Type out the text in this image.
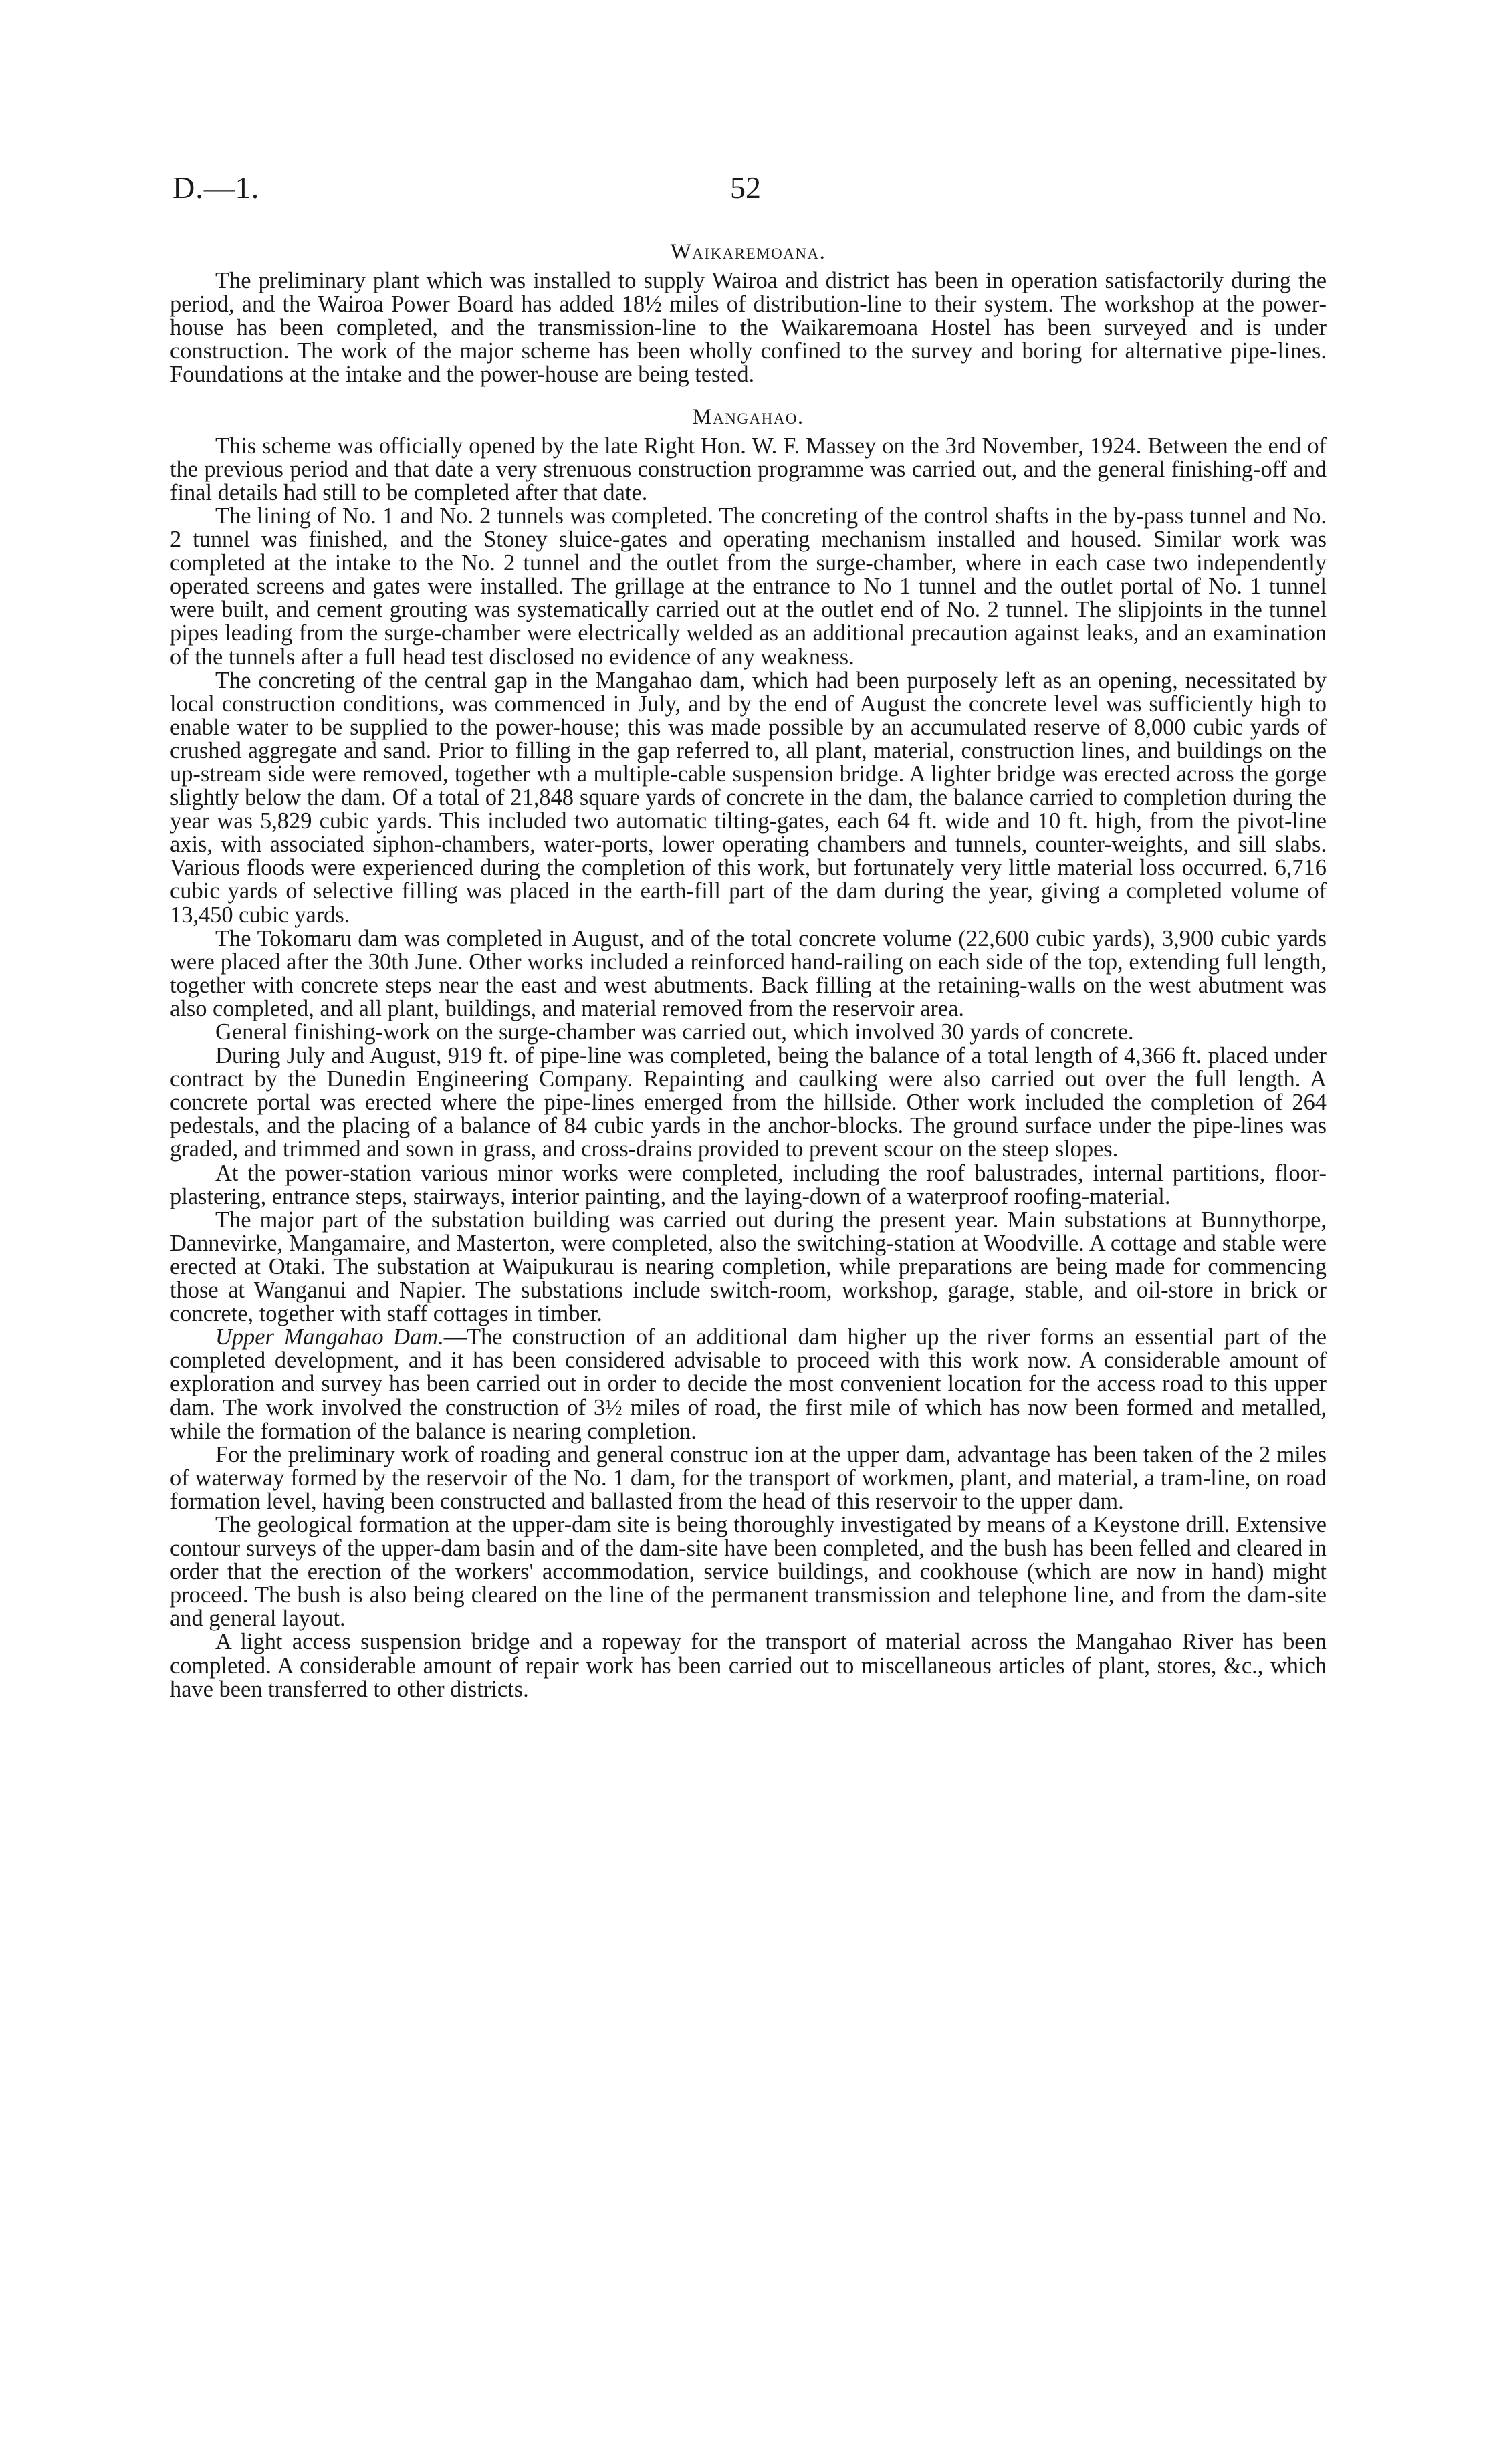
D.—1.	52
Waikaremoana.

The preliminary plant which was installed to supply Wairoa and district has been in operation satisfactorily during the period, and the Wairoa Power Board has added 18½ miles of distribution-line to their system. The workshop at the power-house has been completed, and the transmission-line to the Waikaremoana Hostel has been surveyed and is under construction. The work of the major scheme has been wholly confined to the survey and boring for alternative pipe-lines. Foundations at the intake and the power-house are being tested.

Mangahao.

This scheme was officially opened by the late Right Hon. W. F. Massey on the 3rd November, 1924. Between the end of the previous period and that date a very strenuous construction programme was carried out, and the general finishing-off and final details had still to be completed after that date.

The lining of No. 1 and No. 2 tunnels was completed. The concreting of the control shafts in the by-pass tunnel and No. 2 tunnel was finished, and the Stoney sluice-gates and operating mechanism installed and housed. Similar work was completed at the intake to the No. 2 tunnel and the outlet from the surge-chamber, where in each case two independently operated screens and gates were installed. The grillage at the entrance to No 1 tunnel and the outlet portal of No. 1 tunnel were built, and cement grouting was systematically carried out at the outlet end of No. 2 tunnel. The slipjoints in the tunnel pipes leading from the surge-chamber were electrically welded as an additional precaution against leaks, and an examination of the tunnels after a full head test disclosed no evidence of any weakness.

The concreting of the central gap in the Mangahao dam, which had been purposely left as an opening, necessitated by local construction conditions, was commenced in July, and by the end of August the concrete level was sufficiently high to enable water to be supplied to the power-house; this was made possible by an accumulated reserve of 8,000 cubic yards of crushed aggregate and sand. Prior to filling in the gap referred to, all plant, material, construction lines, and buildings on the up-stream side were removed, together wth a multiple-cable suspension bridge. A lighter bridge was erected across the gorge slightly below the dam. Of a total of 21,848 square yards of concrete in the dam, the balance carried to completion during the year was 5,829 cubic yards. This included two automatic tilting-gates, each 64 ft. wide and 10 ft. high, from the pivot-line axis, with associated siphon-chambers, water-ports, lower operating chambers and tunnels, counter-weights, and sill slabs. Various floods were experienced during the completion of this work, but fortunately very little material loss occurred. 6,716 cubic yards of selective filling was placed in the earth-fill part of the dam during the year, giving a completed volume of 13,450 cubic yards.

The Tokomaru dam was completed in August, and of the total concrete volume (22,600 cubic yards), 3,900 cubic yards were placed after the 30th June. Other works included a reinforced hand-railing on each side of the top, extending full length, together with concrete steps near the east and west abutments. Back filling at the retaining-walls on the west abutment was also completed, and all plant, buildings, and material removed from the reservoir area.

General finishing-work on the surge-chamber was carried out, which involved 30 yards of concrete.

During July and August, 919 ft. of pipe-line was completed, being the balance of a total length of 4,366 ft. placed under contract by the Dunedin Engineering Company. Repainting and caulking were also carried out over the full length. A concrete portal was erected where the pipe-lines emerged from the hillside. Other work included the completion of 264 pedestals, and the placing of a balance of 84 cubic yards in the anchor-blocks. The ground surface under the pipe-lines was graded, and trimmed and sown in grass, and cross-drains provided to prevent scour on the steep slopes.

At the power-station various minor works were completed, including the roof balustrades, internal partitions, floor-plastering, entrance steps, stairways, interior painting, and the laying-down of a waterproof roofing-material.

The major part of the substation building was carried out during the present year. Main substations at Bunnythorpe, Dannevirke, Mangamaire, and Masterton, were completed, also the switching-station at Woodville. A cottage and stable were erected at Otaki. The substation at Waipukurau is nearing completion, while preparations are being made for commencing those at Wanganui and Napier. The substations include switch-room, workshop, garage, stable, and oil-store in brick or concrete, together with staff cottages in timber.

Upper Mangahao Dam.—The construction of an additional dam higher up the river forms an essential part of the completed development, and it has been considered advisable to proceed with this work now. A considerable amount of exploration and survey has been carried out in order to decide the most convenient location for the access road to this upper dam. The work involved the construction of 3½ miles of road, the first mile of which has now been formed and metalled, while the formation of the balance is nearing completion.

For the preliminary work of roading and general construc ion at the upper dam, advantage has been taken of the 2 miles of waterway formed by the reservoir of the No. 1 dam, for the transport of workmen, plant, and material, a tram-line, on road formation level, having been constructed and ballasted from the head of this reservoir to the upper dam.

The geological formation at the upper-dam site is being thoroughly investigated by means of a Keystone drill. Extensive contour surveys of the upper-dam basin and of the dam-site have been completed, and the bush has been felled and cleared in order that the erection of the workers' accommodation, service buildings, and cookhouse (which are now in hand) might proceed. The bush is also being cleared on the line of the permanent transmission and telephone line, and from the dam-site and general layout.

A light access suspension bridge and a ropeway for the transport of material across the Mangahao River has been completed. A considerable amount of repair work has been carried out to miscellaneous articles of plant, stores, &c., which have been transferred to other districts.
